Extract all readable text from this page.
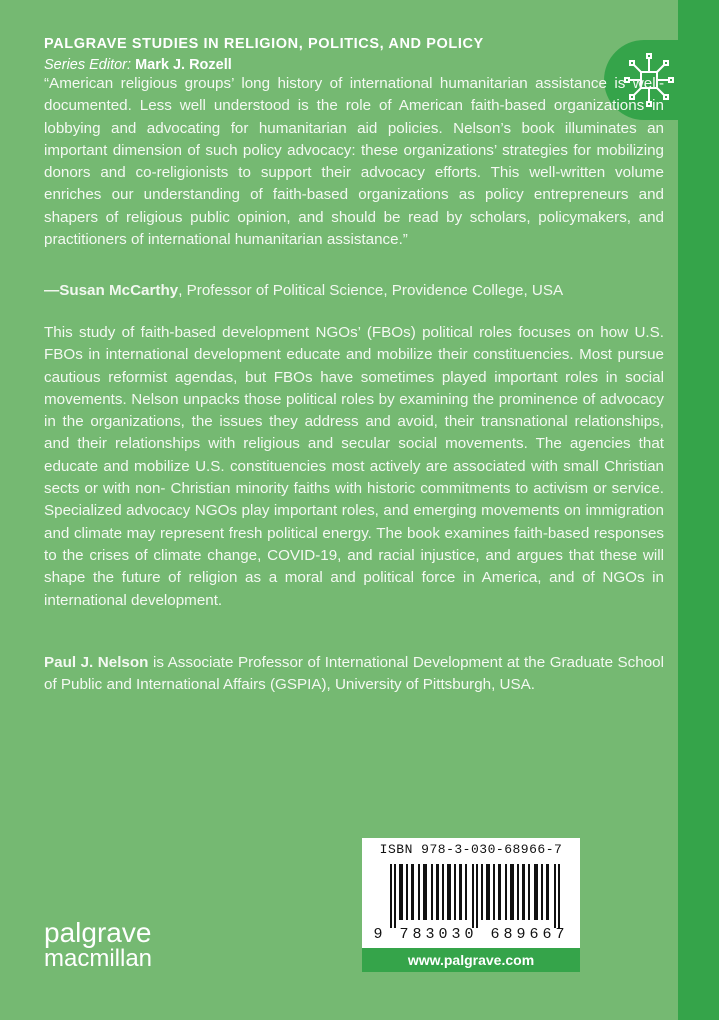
PALGRAVE STUDIES IN RELIGION, POLITICS, AND POLICY
Series Editor: Mark J. Rozell
“American religious groups’ long history of international humanitarian assistance is well-documented. Less well understood is the role of American faith-based organizations in lobbying and advocating for humanitarian aid policies. Nelson’s book illuminates an important dimension of such policy advocacy: these organizations’ strategies for mobilizing donors and co-religionists to support their advocacy efforts. This well-written volume enriches our understanding of faith-based organizations as policy entrepreneurs and shapers of religious public opinion, and should be read by scholars, policymakers, and practitioners of international humanitarian assistance.”
—Susan McCarthy, Professor of Political Science, Providence College, USA
This study of faith-based development NGOs’ (FBOs) political roles focuses on how U.S. FBOs in international development educate and mobilize their constituencies. Most pursue cautious reformist agendas, but FBOs have sometimes played important roles in social movements. Nelson unpacks those political roles by examining the prominence of advocacy in the organizations, the issues they address and avoid, their transnational relationships, and their relationships with religious and secular social movements. The agencies that educate and mobilize U.S. constituencies most actively are associated with small Christian sects or with non- Christian minority faiths with historic commitments to activism or service. Specialized advocacy NGOs play important roles, and emerging movements on immigration and climate may represent fresh political energy. The book examines faith-based responses to the crises of climate change, COVID-19, and racial injustice, and argues that these will shape the future of religion as a moral and political force in America, and of NGOs in international development.
Paul J. Nelson is Associate Professor of International Development at the Graduate School of Public and International Affairs (GSPIA), University of Pittsburgh, USA.
ISBN 978-3-030-68966-7
9 783030 689667
www.palgrave.com
palgrave
macmillan
